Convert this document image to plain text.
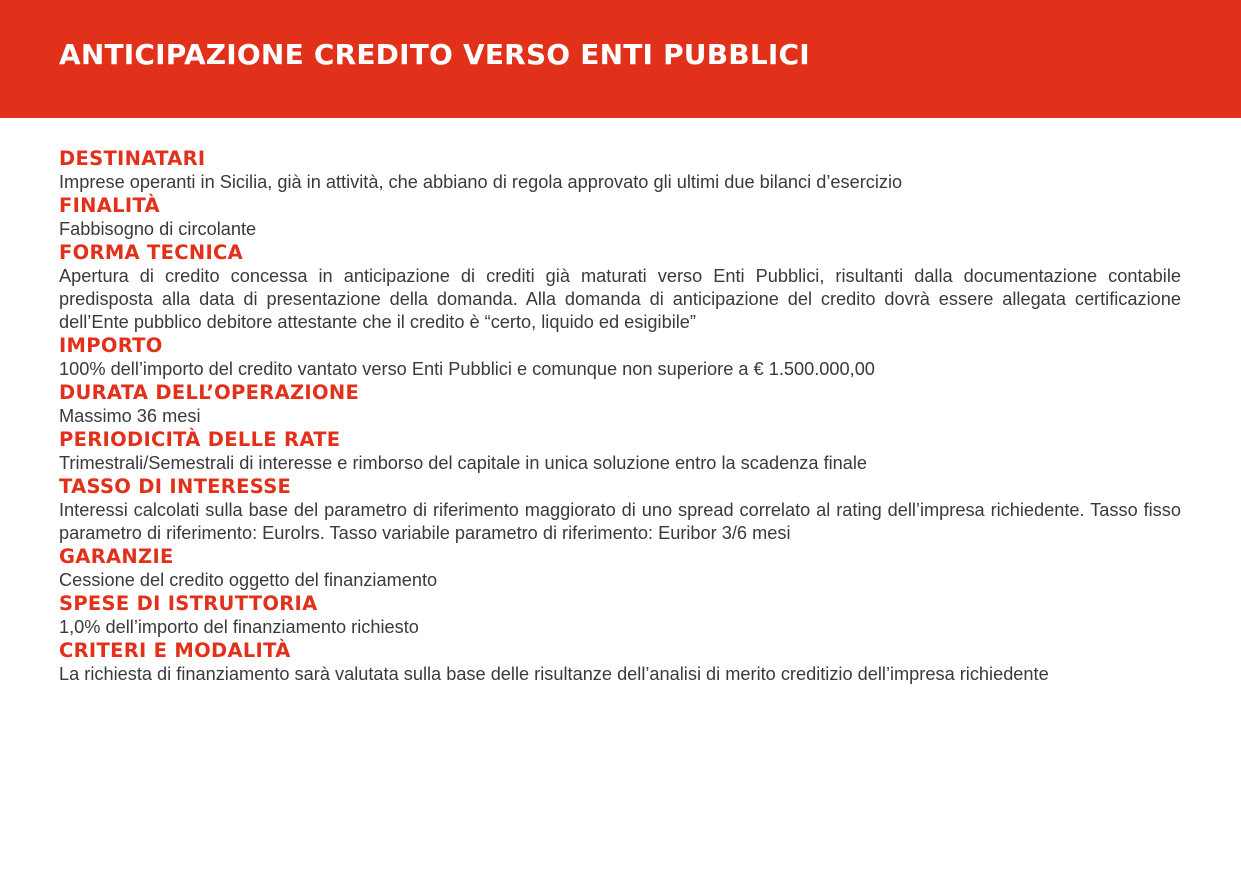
ANTICIPAZIONE CREDITO VERSO ENTI PUBBLICI
DESTINATARI

Imprese operanti in Sicilia, già in attività, che abbiano di regola approvato gli ultimi due bilanci d’esercizio

FINALITÀ

Fabbisogno di circolante

FORMA TECNICA

Apertura di credito concessa in anticipazione di crediti già maturati verso Enti Pubblici, risultanti dalla documentazione contabile predisposta alla data di presentazione della domanda. Alla domanda di anticipazione del credito dovrà essere allegata certificazione dell’Ente pubblico debitore attestante che il credito è “certo, liquido ed esigibile”

IMPORTO

100% dell’importo del credito vantato verso Enti Pubblici e comunque non superiore a € 1.500.000,00

DURATA DELL’OPERAZIONE

Massimo 36 mesi

PERIODICITÀ DELLE RATE

Trimestrali/Semestrali di interesse e rimborso del capitale in unica soluzione entro la scadenza finale

TASSO DI INTERESSE

Interessi calcolati sulla base del parametro di riferimento maggiorato di uno spread correlato al rating dell’impresa richiedente. Tasso fisso parametro di riferimento: Eurolrs. Tasso variabile parametro di riferimento: Euribor 3/6 mesi

GARANZIE

Cessione del credito oggetto del finanziamento

SPESE DI ISTRUTTORIA

1,0% dell’importo del finanziamento richiesto

CRITERI E MODALITÀ

La richiesta di finanziamento sarà valutata sulla base delle risultanze dell’analisi di merito creditizio dell’impresa richiedente
